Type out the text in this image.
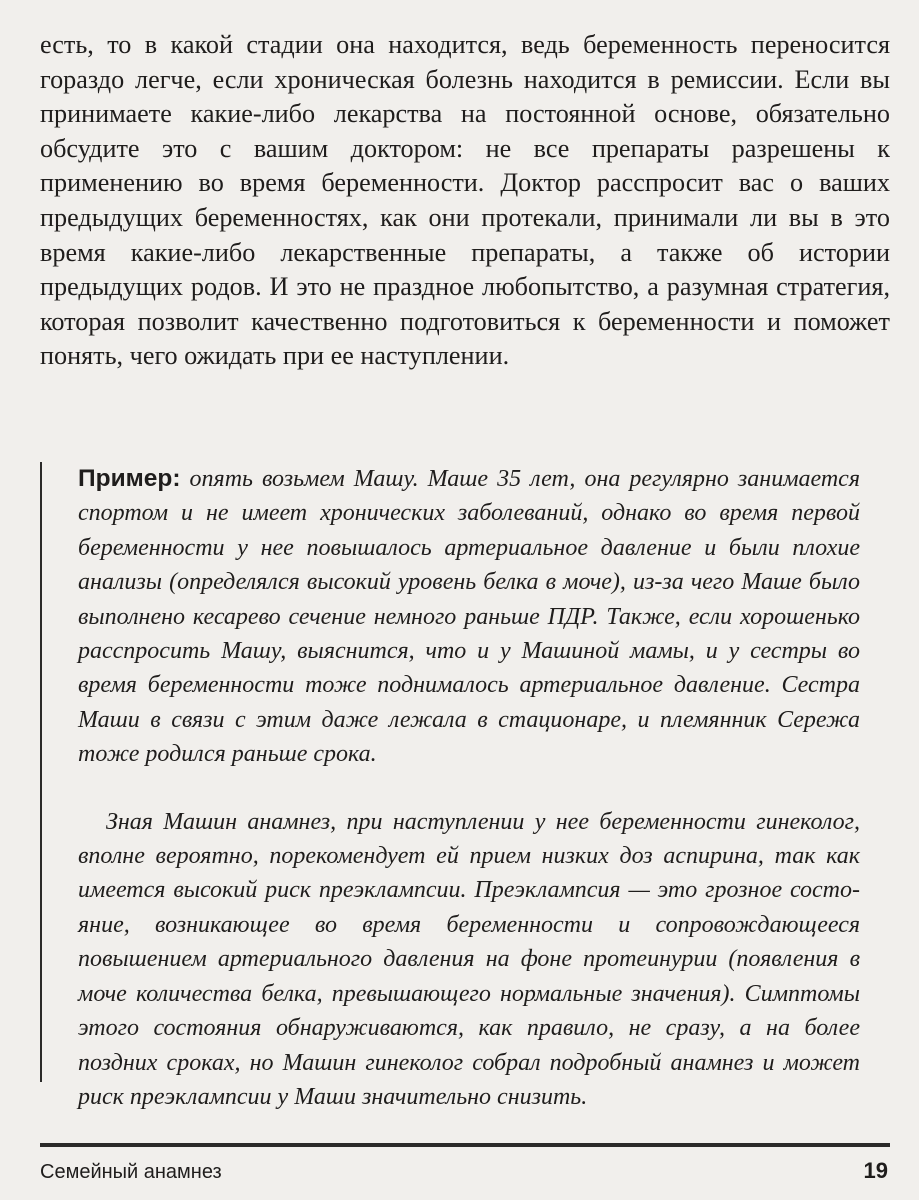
есть, то в какой стадии она находится, ведь беременность переносится гораздо легче, если хроническая болезнь находится в ремиссии. Если вы принимаете какие-либо лекарства на постоянной основе, обязательно обсудите это с вашим доктором: не все препараты разрешены к применению во время беременности. Доктор расспросит вас о ваших предыдущих беременностях, как они протекали, принимали ли вы в это время какие-либо лекарственные препараты, а также об истории предыдущих родов. И это не праздное любопытство, а разумная стратегия, которая позволит качественно подготовиться к беременности и поможет понять, чего ожидать при ее наступлении.

Пример: опять возьмем Машу. Маше 35 лет, она регулярно занимается спортом и не имеет хронических заболеваний, однако во время первой беременности у нее повышалось артериальное давление и были плохие анализы (определялся высокий уровень белка в моче), из-за чего Маше было выполнено кесарево сечение немного раньше ПДР. Также, если хорошенько расспросить Машу, выяснится, что и у Машиной мамы, и у сестры во время беременности тоже поднималось артериальное давление. Сестра Маши в связи с этим даже лежала в стационаре, и племянник Сережа тоже родился раньше срока.

Зная Машин анамнез, при наступлении у нее беременности гинеколог, вполне вероятно, порекомендует ей прием низких доз аспирина, так как имеется высокий риск преэклампсии. Преэклампсия — это грозное состояние, возникающее во время беременности и сопровождающееся повышением артериального давления на фоне протеинурии (появления в моче количества белка, превышающего нормальные значения). Симптомы этого состояния обнаруживаются, как правило, не сразу, а на более поздних сроках, но Машин гинеколог собрал подробный анамнез и может риск преэклампсии у Маши значительно снизить.

Семейный анамнез	19
